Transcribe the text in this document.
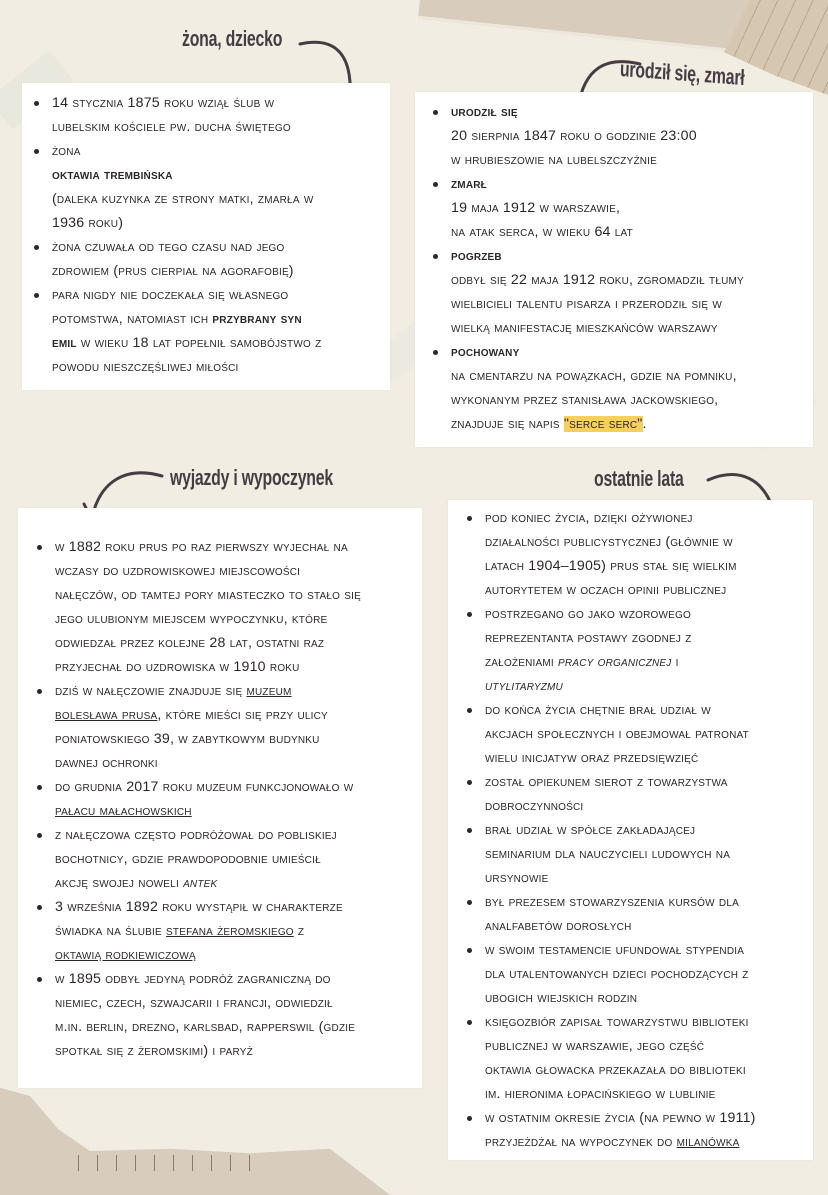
żona, dziecko
urodził się, zmarł
wyjazdy i wypoczynek	ostatnie lata
14 stycznia 1875 roku wziął ślub w
lubelskim kościele pw. ducha świętego
żona
oktawia trembińska
(daleka kuzynka ze strony matki, zmarła w
1936 roku)
żona czuwała od tego czasu nad jego
zdrowiem (prus cierpiał na agorafobię)
para nigdy nie doczekała się własnego
potomstwa, natomiast ich przybrany syn
emil w wieku 18 lat popełnił samobójstwo z
powodu nieszczęśliwej miłości
urodził się
20 sierpnia 1847 roku o godzinie 23:00
w hrubieszowie na lubelszczyźnie
zmarł
19 maja 1912 w warszawie,
na atak serca, w wieku 64 lat
pogrzeb
odbył się 22 maja 1912 roku, zgromadził tłumy
wielbicieli talentu pisarza i przerodził się w
wielką manifestację mieszkańców warszawy
pochowany
na cmentarzu na powązkach, gdzie na pomniku,
wykonanym przez stanisława jackowskiego,
znajduje się napis "serce serc".
w 1882 roku prus po raz pierwszy wyjechał na
wczasy do uzdrowiskowej miejscowości
nałęczów, od tamtej pory miasteczko to stało się
jego ulubionym miejscem wypoczynku, które
odwiedzał przez kolejne 28 lat, ostatni raz
przyjechał do uzdrowiska w 1910 roku
dziś w nałęczowie znajduje się muzeum
bolesława prusa, które mieści się przy ulicy
poniatowskiego 39, w zabytkowym budynku
dawnej ochronki
do grudnia 2017 roku muzeum funkcjonowało w
pałacu małachowskich
z nałęczowa często podróżował do pobliskiej
bochotnicy, gdzie prawdopodobnie umieścił
akcję swojej noweli antek
3 września 1892 roku wystąpił w charakterze
świadka na ślubie stefana żeromskiego z
oktawią rodkiewiczową
w 1895 odbył jedyną podróż zagraniczną do
niemiec, czech, szwajcarii i francji, odwiedził
m.in. berlin, drezno, karlsbad, rapperswil (gdzie
spotkał się z żeromskimi) i paryż
pod koniec życia, dzięki ożywionej
działalności publicystycznej (głównie w
latach 1904–1905) prus stał się wielkim
autorytetem w oczach opinii publicznej
postrzegano go jako wzorowego
reprezentanta postawy zgodnej z
założeniami pracy organicznej i
utylitaryzmu
do końca życia chętnie brał udział w
akcjach społecznych i obejmował patronat
wielu inicjatyw oraz przedsięwzięć
został opiekunem sierot z towarzystwa
dobroczynności
brał udział w spółce zakładającej
seminarium dla nauczycieli ludowych na
ursynowie
był prezesem stowarzyszenia kursów dla
analfabetów dorosłych
w swoim testamencie ufundował stypendia
dla utalentowanych dzieci pochodzących z
ubogich wiejskich rodzin
księgozbiór zapisał towarzystwu biblioteki
publicznej w warszawie, jego część
oktawia głowacka przekazała do biblioteki
im. hieronima łopacińskiego w lublinie
w ostatnim okresie życia (na pewno w 1911)
przyjeżdżał na wypoczynek do milanówka
